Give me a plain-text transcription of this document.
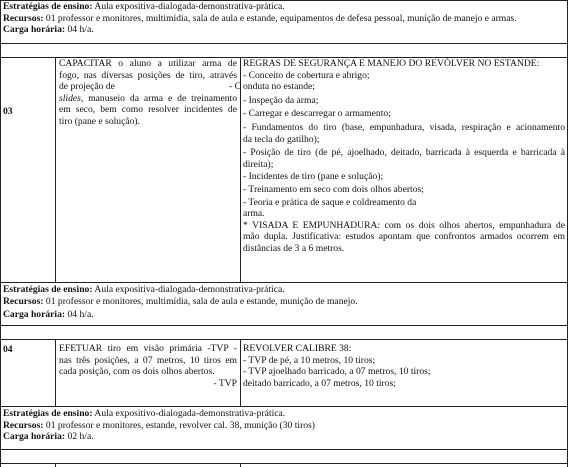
Estratégias de ensino: Aula expositiva-dialogada-demonstrativa-prática.
Recursos: 01 professor e monitores, multimídia, sala de aula e estande, equipamentos de defesa pessoal, munição de manejo e armas.
Carga horária: 04 h/a.
03
CAPACITAR o aluno a utilizar arma de
fogo, nas diversas posições de tiro, através
de projeção de
slides, manuseio da arma e de treinamento
em seco, bem como resolver incidentes de
tiro (pane e solução).
REGRAS DE SEGURANÇA E MANEJO DO REVÓLVER NO ESTANDE:
- Conceito de cobertura e abrigo;
- C onduta no estande;
- Inspeção da arma;
- Carregar e descarregar o armamento;
- Fundamentos do tiro (base, empunhadura, visada, respiração e acionamento
da tecla do gatilho);
- Posição de tiro (de pé, ajoelhado, deitado, barricada à esquerda e barricada à
direita);
- Incidentes de tiro (pane e solução);
- Treinamento em seco com dois olhos abertos;
- Teoria e prática de saque e coldreamento da
arma.
* VISADA E EMPUNHADURA: com os dois olhos abertos, empunhadura de
mão dupla. Justificativa: estudos apontam que confrontos armados ocorrem em
distâncias de 3 a 6 metros.
Estratégias de ensino: Aula expositiva-dialogada-demonstrativa-prática.
Recursos: 01 professor e monitores, multimídia, sala de aula e estande, munição de manejo.
Carga horária: 04 h/a.
04	EFETUAR tiro em visão primária -TVP -
nas três posições, a 07 metros, 10 tiros em
cada posição, com os dois olhos abertos.
- TVP
REVOLVER CALIBRE 38:
- TVP de pé, a 10 metros, 10 tiros;
- TVP ajoelhado barricado, a 07 metros, 10 tiros;
deitado barricado, a 07 metros, 10 tiros;
Estratégias de ensino: Aula expositivo-dialogada-demonstrativa-prática.
Recursos: 01 professor e monitores, estande, revolver cal. 38, munição (30 tiros)
Carga horária: 02 h/a.
